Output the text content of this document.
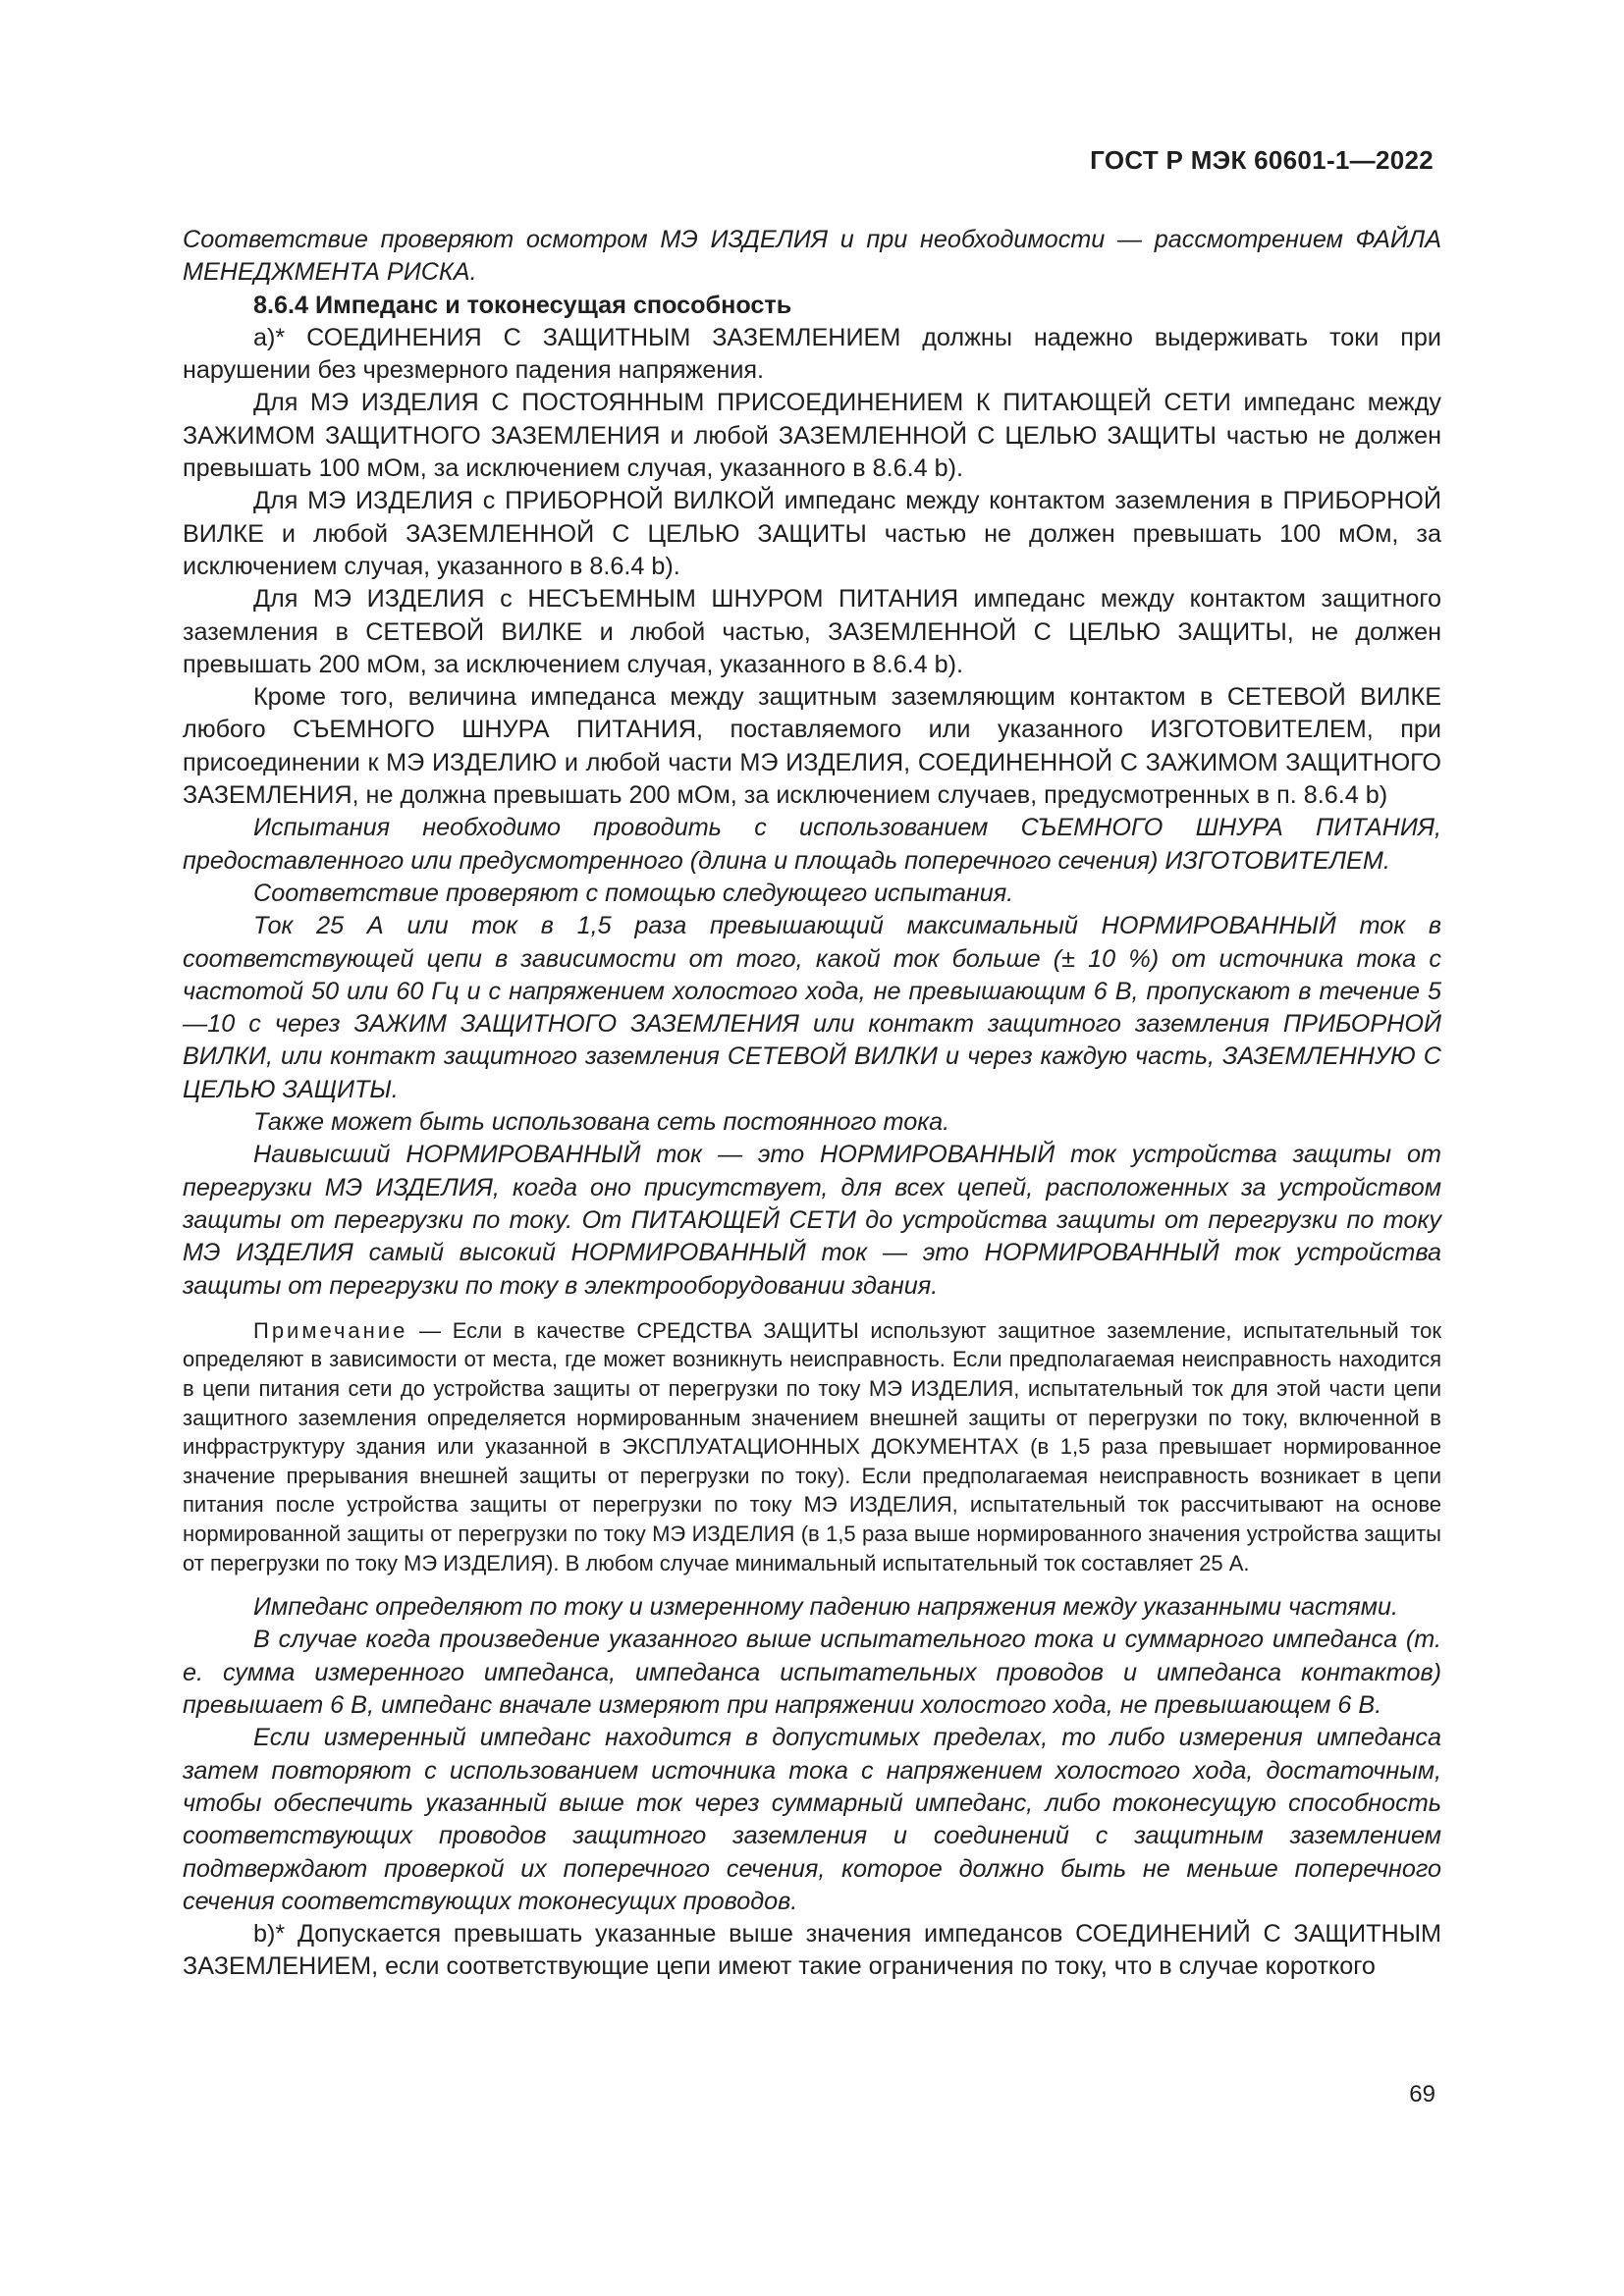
ГОСТ Р МЭК 60601-1—2022

Соответствие проверяют осмотром МЭ ИЗДЕЛИЯ и при необходимости — рассмотрением ФАЙЛА МЕНЕДЖМЕНТА РИСКА.

8.6.4 Импеданс и токонесущая способность

а)* СОЕДИНЕНИЯ С ЗАЩИТНЫМ ЗАЗЕМЛЕНИЕМ должны надежно выдерживать токи при нарушении без чрезмерного падения напряжения.

Для МЭ ИЗДЕЛИЯ С ПОСТОЯННЫМ ПРИСОЕДИНЕНИЕМ К ПИТАЮЩЕЙ СЕТИ импеданс между ЗАЖИМОМ ЗАЩИТНОГО ЗАЗЕМЛЕНИЯ и любой ЗАЗЕМЛЕННОЙ С ЦЕЛЬЮ ЗАЩИТЫ частью не должен превышать 100 мОм, за исключением случая, указанного в 8.6.4 b).

Для МЭ ИЗДЕЛИЯ с ПРИБОРНОЙ ВИЛКОЙ импеданс между контактом заземления в ПРИБОРНОЙ ВИЛКЕ и любой ЗАЗЕМЛЕННОЙ С ЦЕЛЬЮ ЗАЩИТЫ частью не должен превышать 100 мОм, за исключением случая, указанного в 8.6.4 b).

Для МЭ ИЗДЕЛИЯ с НЕСЪЕМНЫМ ШНУРОМ ПИТАНИЯ импеданс между контактом защитного заземления в СЕТЕВОЙ ВИЛКЕ и любой частью, ЗАЗЕМЛЕННОЙ С ЦЕЛЬЮ ЗАЩИТЫ, не должен превышать 200 мОм, за исключением случая, указанного в 8.6.4 b).

Кроме того, величина импеданса между защитным заземляющим контактом в СЕТЕВОЙ ВИЛКЕ любого СЪЕМНОГО ШНУРА ПИТАНИЯ, поставляемого или указанного ИЗГОТОВИТЕЛЕМ, при присоединении к МЭ ИЗДЕЛИЮ и любой части МЭ ИЗДЕЛИЯ, СОЕДИНЕННОЙ С ЗАЖИМОМ ЗАЩИТНОГО ЗАЗЕМЛЕНИЯ, не должна превышать 200 мОм, за исключением случаев, предусмотренных в п. 8.6.4 b)

Испытания необходимо проводить с использованием СЪЕМНОГО ШНУРА ПИТАНИЯ, предоставленного или предусмотренного (длина и площадь поперечного сечения) ИЗГОТОВИТЕЛЕМ.

Соответствие проверяют с помощью следующего испытания.

Ток 25 А или ток в 1,5 раза превышающий максимальный НОРМИРОВАННЫЙ ток в соответствующей цепи в зависимости от того, какой ток больше (± 10 %) от источника тока с частотой 50 или 60 Гц и с напряжением холостого хода, не превышающим 6 В, пропускают в течение 5—10 с через ЗАЖИМ ЗАЩИТНОГО ЗАЗЕМЛЕНИЯ или контакт защитного заземления ПРИБОРНОЙ ВИЛКИ, или контакт защитного заземления СЕТЕВОЙ ВИЛКИ и через каждую часть, ЗАЗЕМЛЕННУЮ С ЦЕЛЬЮ ЗАЩИТЫ.

Также может быть использована сеть постоянного тока.

Наивысший НОРМИРОВАННЫЙ ток — это НОРМИРОВАННЫЙ ток устройства защиты от перегрузки МЭ ИЗДЕЛИЯ, когда оно присутствует, для всех цепей, расположенных за устройством защиты от перегрузки по току. От ПИТАЮЩЕЙ СЕТИ до устройства защиты от перегрузки по току МЭ ИЗДЕЛИЯ самый высокий НОРМИРОВАННЫЙ ток — это НОРМИРОВАННЫЙ ток устройства защиты от перегрузки по току в электрооборудовании здания.

Примечание — Если в качестве СРЕДСТВА ЗАЩИТЫ используют защитное заземление, испытательный ток определяют в зависимости от места, где может возникнуть неисправность. Если предполагаемая неисправность находится в цепи питания сети до устройства защиты от перегрузки по току МЭ ИЗДЕЛИЯ, испытательный ток для этой части цепи защитного заземления определяется нормированным значением внешней защиты от перегрузки по току, включенной в инфраструктуру здания или указанной в ЭКСПЛУАТАЦИОННЫХ ДОКУМЕНТАХ (в 1,5 раза превышает нормированное значение прерывания внешней защиты от перегрузки по току). Если предполагаемая неисправность возникает в цепи питания после устройства защиты от перегрузки по току МЭ ИЗДЕЛИЯ, испытательный ток рассчитывают на основе нормированной защиты от перегрузки по току МЭ ИЗДЕЛИЯ (в 1,5 раза выше нормированного значения устройства защиты от перегрузки по току МЭ ИЗДЕЛИЯ). В любом случае минимальный испытательный ток составляет 25 А.

Импеданс определяют по току и измеренному падению напряжения между указанными частями.

В случае когда произведение указанного выше испытательного тока и суммарного импеданса (т. е. сумма измеренного импеданса, импеданса испытательных проводов и импеданса контактов) превышает 6 В, импеданс вначале измеряют при напряжении холостого хода, не превышающем 6 В.

Если измеренный импеданс находится в допустимых пределах, то либо измерения импеданса затем повторяют с использованием источника тока с напряжением холостого хода, достаточным, чтобы обеспечить указанный выше ток через суммарный импеданс, либо токонесущую способность соответствующих проводов защитного заземления и соединений с защитным заземлением подтверждают проверкой их поперечного сечения, которое должно быть не меньше поперечного сечения соответствующих токонесущих проводов.

b)* Допускается превышать указанные выше значения импедансов СОЕДИНЕНИЙ С ЗАЩИТНЫМ ЗАЗЕМЛЕНИЕМ, если соответствующие цепи имеют такие ограничения по току, что в случае короткого

69
